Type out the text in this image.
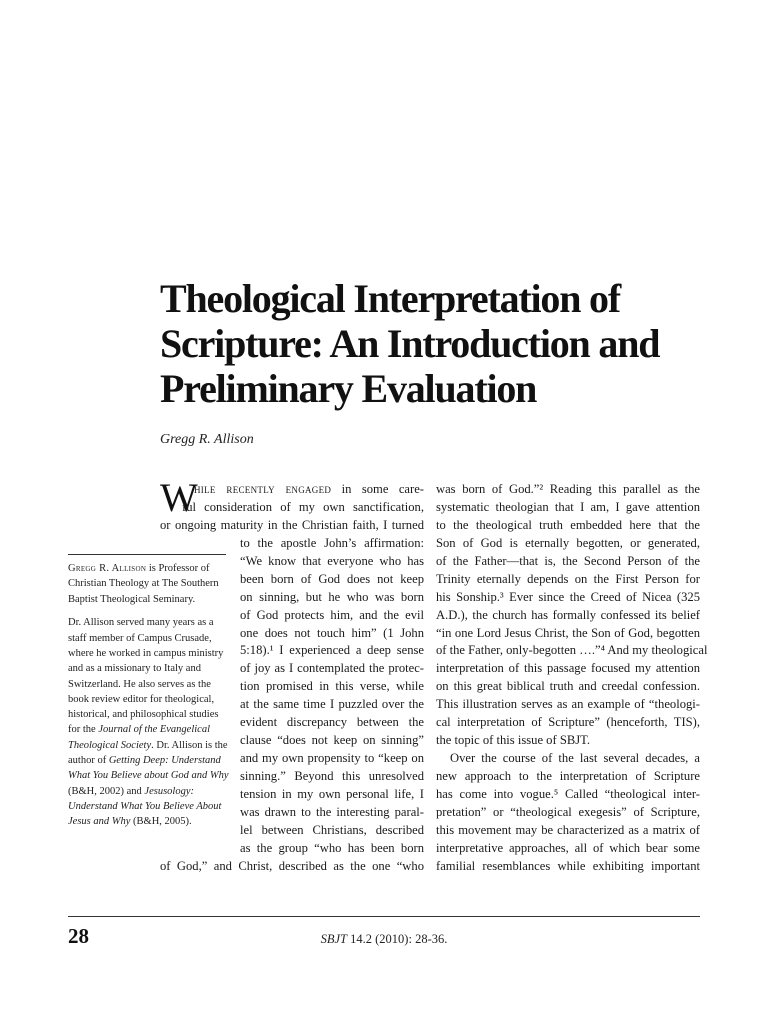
Theological Interpretation of
Scripture: An Introduction and
Preliminary Evaluation
Gregg R. Allison

Gregg R. Allison is Professor of Christian Theology at The Southern Baptist Theological Seminary.

Dr. Allison served many years as a staff member of Campus Crusade, where he worked in campus ministry and as a missionary to Italy and Switzerland. He also serves as the book review editor for theological, historical, and philosophical studies for the Journal of the Evangelical Theological Society. Dr. Allison is the author of Getting Deep: Understand What You Believe about God and Why (B&H, 2002) and Jesusology: Understand What You Believe About Jesus and Why (B&H, 2005).

W
hile recently engaged in some care-
ful consideration of my own sanctification,
or ongoing maturity in the Christian faith, I turned
to the apostle John’s affirmation:
“We know that everyone who has
been born of God does not keep
on sinning, but he who was born
of God protects him, and the evil
one does not touch him” (1 John
5:18).¹ I experienced a deep sense
of joy as I contemplated the protec-
tion promised in this verse, while
at the same time I puzzled over the
evident discrepancy between the
clause “does not keep on sinning”
and my own propensity to “keep on
sinning.” Beyond this unresolved
tension in my own personal life, I
was drawn to the interesting paral-
lel between Christians, described
as the group “who has been born
of God,” and Christ, described as the one “who
was born of God.”² Reading this parallel as the
systematic theologian that I am, I gave attention
to the theological truth embedded here that the
Son of God is eternally begotten, or generated,
of the Father—that is, the Second Person of the
Trinity eternally depends on the First Person for
his Sonship.³ Ever since the Creed of Nicea (325
A.D.), the church has formally confessed its belief
“in one Lord Jesus Christ, the Son of God, begotten
of the Father, only-begotten ….”⁴ And my theological
interpretation of this passage focused my attention
on this great biblical truth and creedal confession.
This illustration serves as an example of “theologi-
cal interpretation of Scripture” (henceforth, TIS),
the topic of this issue of SBJT.
Over the course of the last several decades, a
new approach to the interpretation of Scripture
has come into vogue.⁵ Called “theological inter-
pretation” or “theological exegesis” of Scripture,
this movement may be characterized as a matrix of
interpretative approaches, all of which bear some
familial resemblances while exhibiting important
28	SBJT 14.2 (2010): 28-36.
